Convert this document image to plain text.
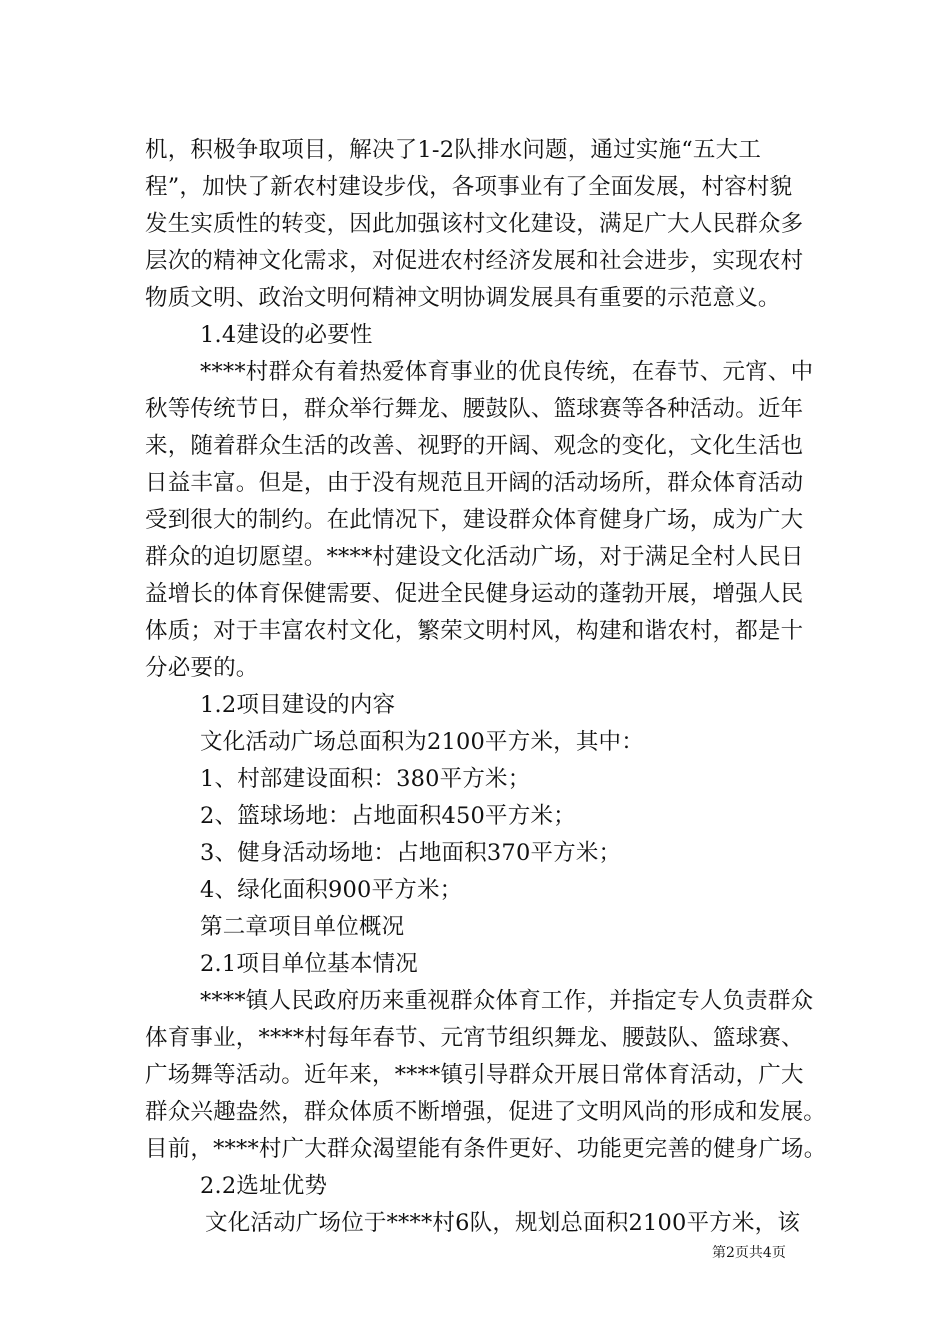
机，积极争取项目，解决了1-2队排水问题，通过实施“五大工
程”，加快了新农村建设步伐，各项事业有了全面发展，村容村貌
发生实质性的转变，因此加强该村文化建设，满足广大人民群众多
层次的精神文化需求，对促进农村经济发展和社会进步，实现农村
物质文明、政治文明何精神文明协调发展具有重要的示范意义。
1.4建设的必要性
****村群众有着热爱体育事业的优良传统，在春节、元宵、中
秋等传统节日，群众举行舞龙、腰鼓队、篮球赛等各种活动。近年
来，随着群众生活的改善、视野的开阔、观念的变化，文化生活也
日益丰富。但是，由于没有规范且开阔的活动场所，群众体育活动
受到很大的制约。在此情况下，建设群众体育健身广场，成为广大
群众的迫切愿望。****村建设文化活动广场，对于满足全村人民日
益增长的体育保健需要、促进全民健身运动的蓬勃开展，增强人民
体质；对于丰富农村文化，繁荣文明村风，构建和谐农村，都是十
分必要的。
1.2项目建设的内容
文化活动广场总面积为2100平方米，其中：
1、村部建设面积：380平方米；
2、篮球场地：占地面积450平方米；
3、健身活动场地：占地面积370平方米；
4、绿化面积900平方米；
第二章项目单位概况
2.1项目单位基本情况
****镇人民政府历来重视群众体育工作，并指定专人负责群众
体育事业，****村每年春节、元宵节组织舞龙、腰鼓队、篮球赛、
广场舞等活动。近年来，****镇引导群众开展日常体育活动，广大
群众兴趣盎然，群众体质不断增强，促进了文明风尚的形成和发展。
目前，****村广大群众渴望能有条件更好、功能更完善的健身广场。
2.2选址优势
文化活动广场位于****村6队，规划总面积2100平方米，该
第2页共4页
